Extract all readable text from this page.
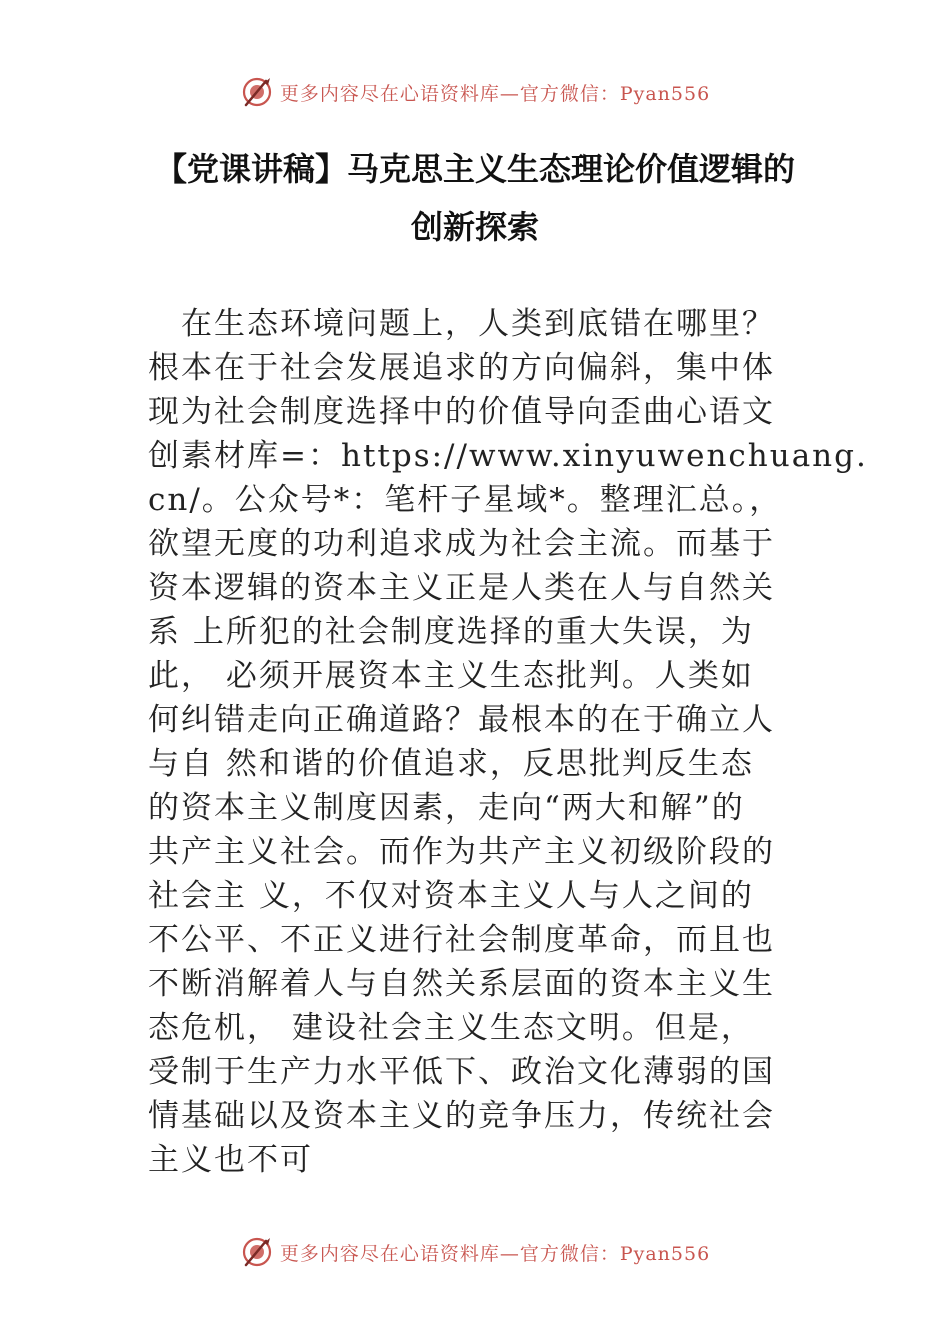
更多内容尽在心语资料库—官方微信：Pyan556
【党课讲稿】马克思主义生态理论价值逻辑的
创新探索
　在生态环境问题上，人类到底错在哪里？
根本在于社会发展追求的方向偏斜，集中体
现为社会制度选择中的价值导向歪曲心语文
创素材库=：https://www.xinyuwenchuang.
cn/。公众号*：笔杆子星域*。整理汇总。，
欲望无度的功利追求成为社会主流。而基于
资本逻辑的资本主义正是人类在人与自然关
系 上所犯的社会制度选择的重大失误，为
此， 必须开展资本主义生态批判。人类如
何纠错走向正确道路？最根本的在于确立人
与自 然和谐的价值追求，反思批判反生态
的资本主义制度因素，走向“两大和解”的
共产主义社会。而作为共产主义初级阶段的
社会主 义，不仅对资本主义人与人之间的
不公平、不正义进行社会制度革命，而且也
不断消解着人与自然关系层面的资本主义生
态危机， 建设社会主义生态文明。但是，
受制于生产力水平低下、政治文化薄弱的国
情基础以及资本主义的竞争压力，传统社会
主义也不可
更多内容尽在心语资料库—官方微信：Pyan556
